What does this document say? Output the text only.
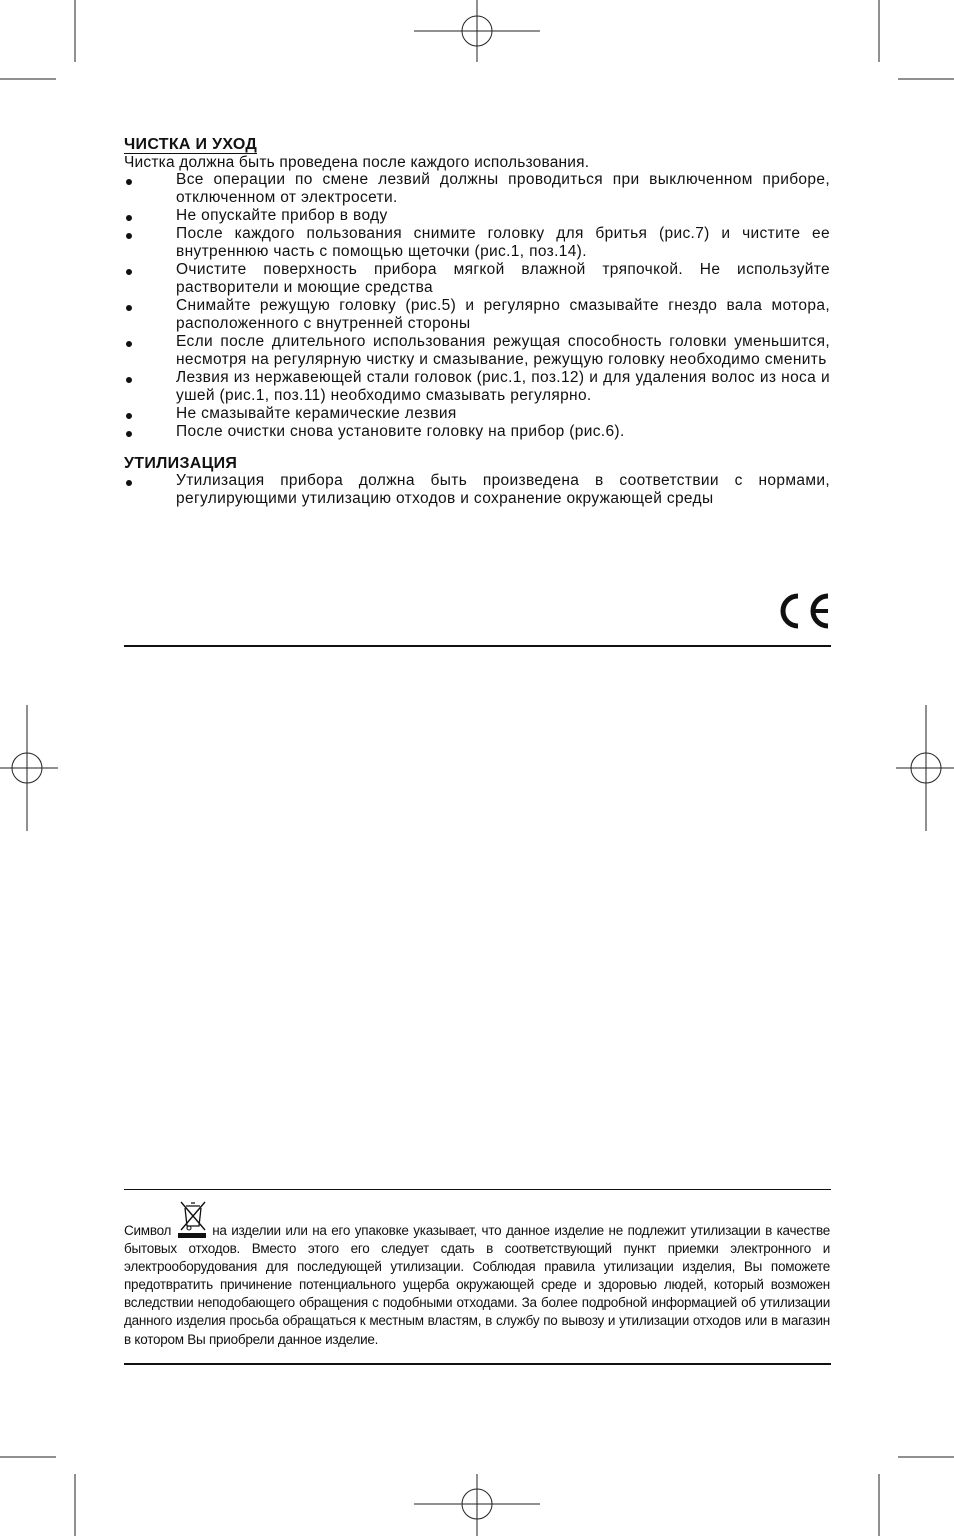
ЧИСТКА И УХОД

Чистка должна быть проведена после каждого использования.

Все операции по смене лезвий должны проводиться при выключенном приборе, отключенном от электросети.
Не опускайте прибор в воду
После каждого пользования снимите головку для бритья (рис.7) и чистите ее внутреннюю часть с помощью щеточки (рис.1, поз.14).
Очистите поверхность прибора мягкой влажной тряпочкой. Не используйте растворители и моющие средства
Снимайте режущую головку (рис.5) и регулярно смазывайте гнездо вала мотора, расположенного с внутренней стороны
Если после длительного использования режущая способность головки уменьшится, несмотря на регулярную чистку и смазывание, режущую головку необходимо сменить
Лезвия из нержавеющей стали головок (рис.1, поз.12) и для удаления волос из носа и ушей (рис.1, поз.11) необходимо смазывать регулярно.
Не смазывайте керамические лезвия
После очистки снова установите головку на прибор (рис.6).
УТИЛИЗАЦИЯ
Утилизация прибора должна быть произведена в соответствии с нормами, регулирующими утилизацию отходов и сохранение окружающей среды
Символ	на изделии или на его упаковке указывает, что данное изделие не подлежит утилизации в качестве бытовых отходов. Вместо этого его следует сдать в соответствующий пункт приемки электронного и электрооборудования для последующей утилизации. Соблюдая правила утилизации изделия, Вы поможете предотвратить причинение потенциального ущерба окружающей среде и здоровью людей, который возможен вследствии неподобающего обращения с подобными отходами. За более подробной информацией об утилизации данного изделия просьба обращаться к местным властям, в службу по вывозу и утилизации отходов или в магазин в котором Вы приобрели данное изделие.
